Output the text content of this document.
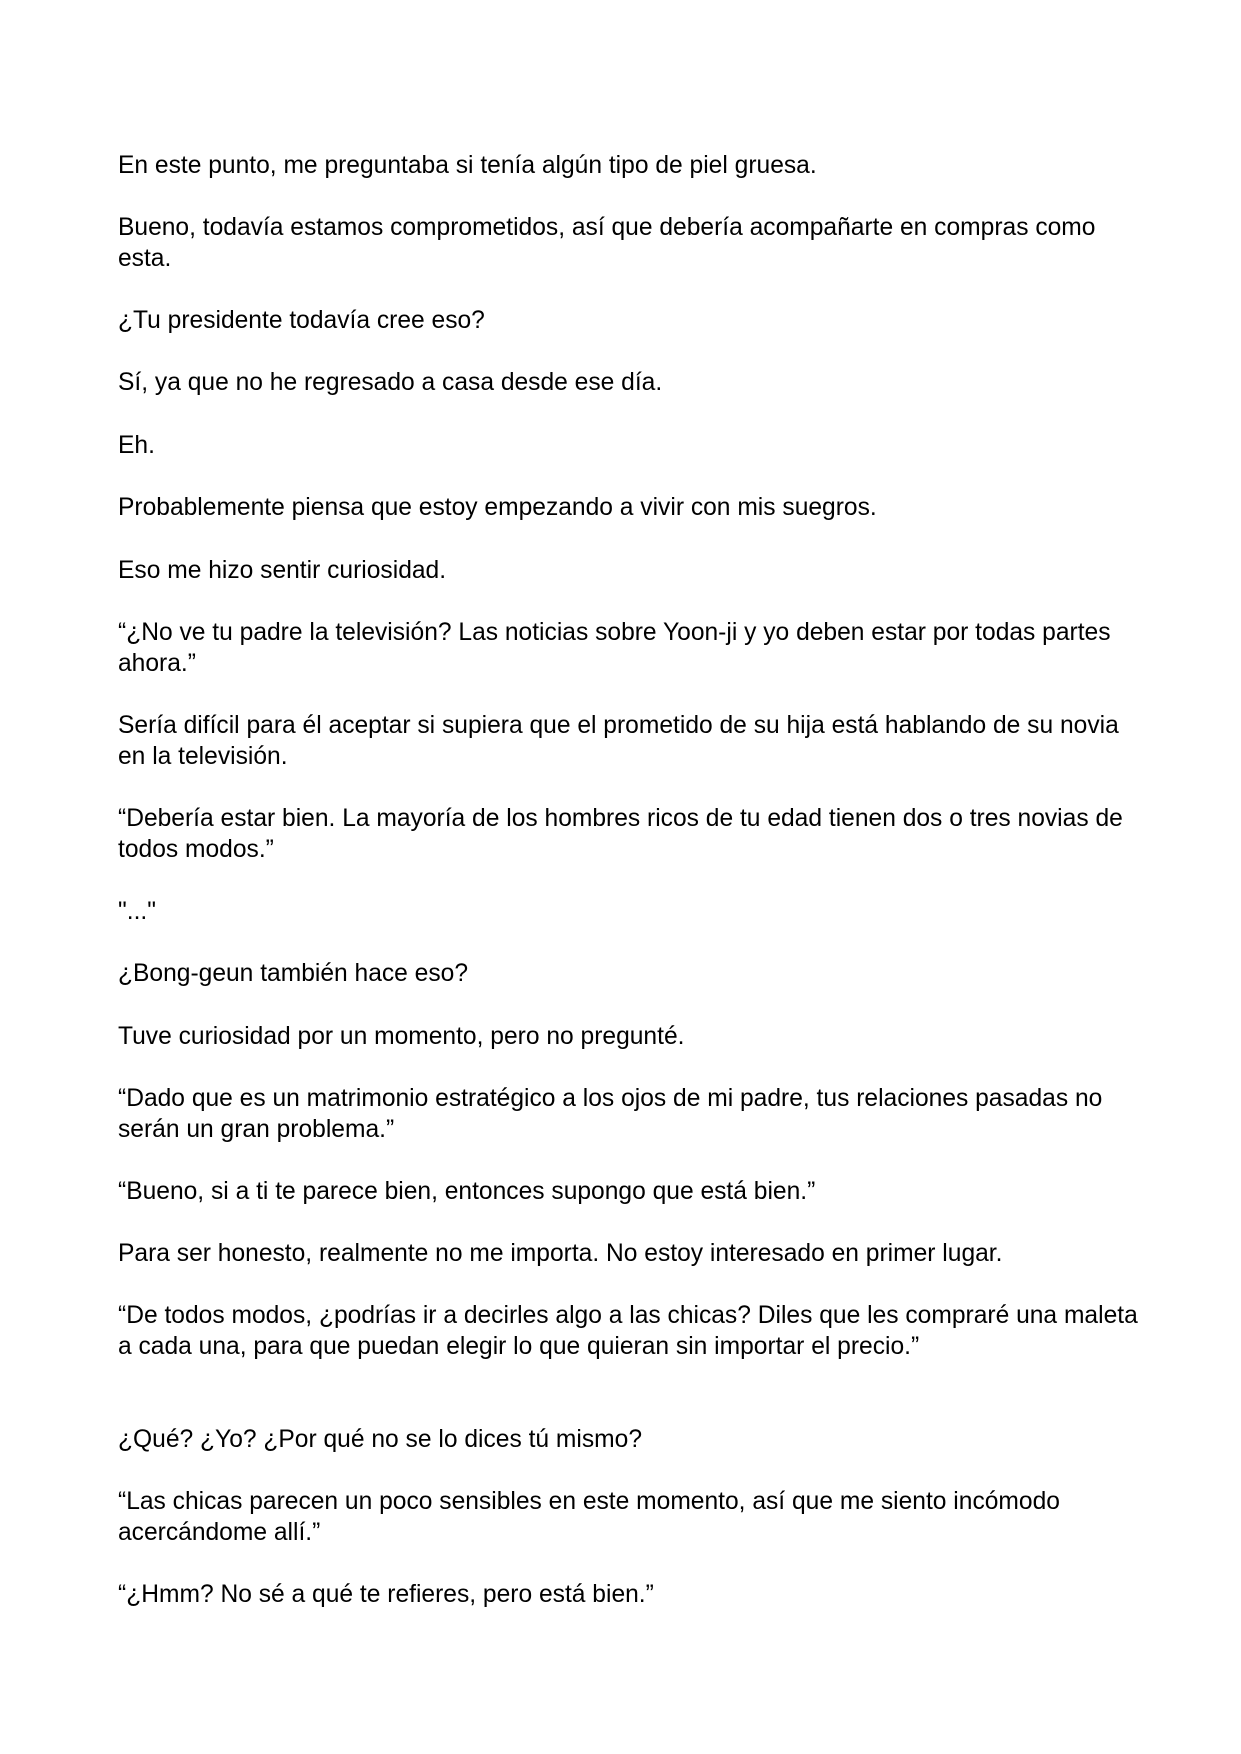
En este punto, me preguntaba si tenía algún tipo de piel gruesa.

Bueno, todavía estamos comprometidos, así que debería acompañarte en compras como esta.

¿Tu presidente todavía cree eso?

Sí, ya que no he regresado a casa desde ese día.

Eh.

Probablemente piensa que estoy empezando a vivir con mis suegros.

Eso me hizo sentir curiosidad.

“¿No ve tu padre la televisión? Las noticias sobre Yoon-ji y yo deben estar por todas partes ahora.”

Sería difícil para él aceptar si supiera que el prometido de su hija está hablando de su novia en la televisión.

“Debería estar bien. La mayoría de los hombres ricos de tu edad tienen dos o tres novias de todos modos.”

"..."

¿Bong-geun también hace eso?

Tuve curiosidad por un momento, pero no pregunté.

“Dado que es un matrimonio estratégico a los ojos de mi padre, tus relaciones pasadas no serán un gran problema.”

“Bueno, si a ti te parece bien, entonces supongo que está bien.”

Para ser honesto, realmente no me importa. No estoy interesado en primer lugar.

“De todos modos, ¿podrías ir a decirles algo a las chicas? Diles que les compraré una maleta a cada una, para que puedan elegir lo que quieran sin importar el precio.”

¿Qué? ¿Yo? ¿Por qué no se lo dices tú mismo?

“Las chicas parecen un poco sensibles en este momento, así que me siento incómodo acercándome allí.”

“¿Hmm? No sé a qué te refieres, pero está bien.”
